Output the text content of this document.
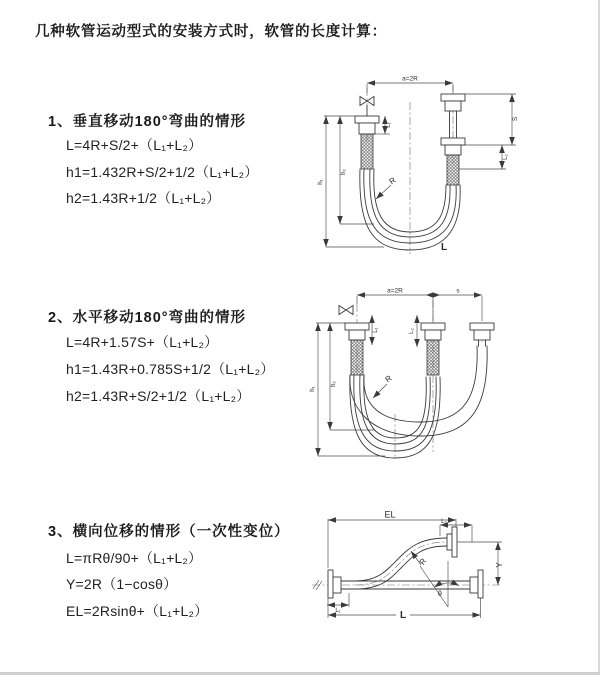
几种软管运动型式的安装方式时，软管的长度计算：
1、垂直移动180°弯曲的情形
L=4R+S/2+（L₁+L₂）
h1=1.432R+S/2+1/2（L₁+L₂）
h2=1.43R+1/2（L₁+L₂）
2、水平移动180°弯曲的情形
L=4R+1.57S+（L₁+L₂）
h1=1.43R+0.785S+1/2（L₁+L₂）
h2=1.43R+S/2+1/2（L₁+L₂）
3、横向位移的情形（一次性变位）
L=πRθ/90+（L₁+L₂）
Y=2R（1−cosθ）
EL=2Rsinθ+（L₁+L₂）
R
a=2R
S
L₂
L₁
h₁
h₂
L
R
a=2R	s
L₁	L₂
h₁
h₂
R
EL
L₂
Y
θ
L₁	L
